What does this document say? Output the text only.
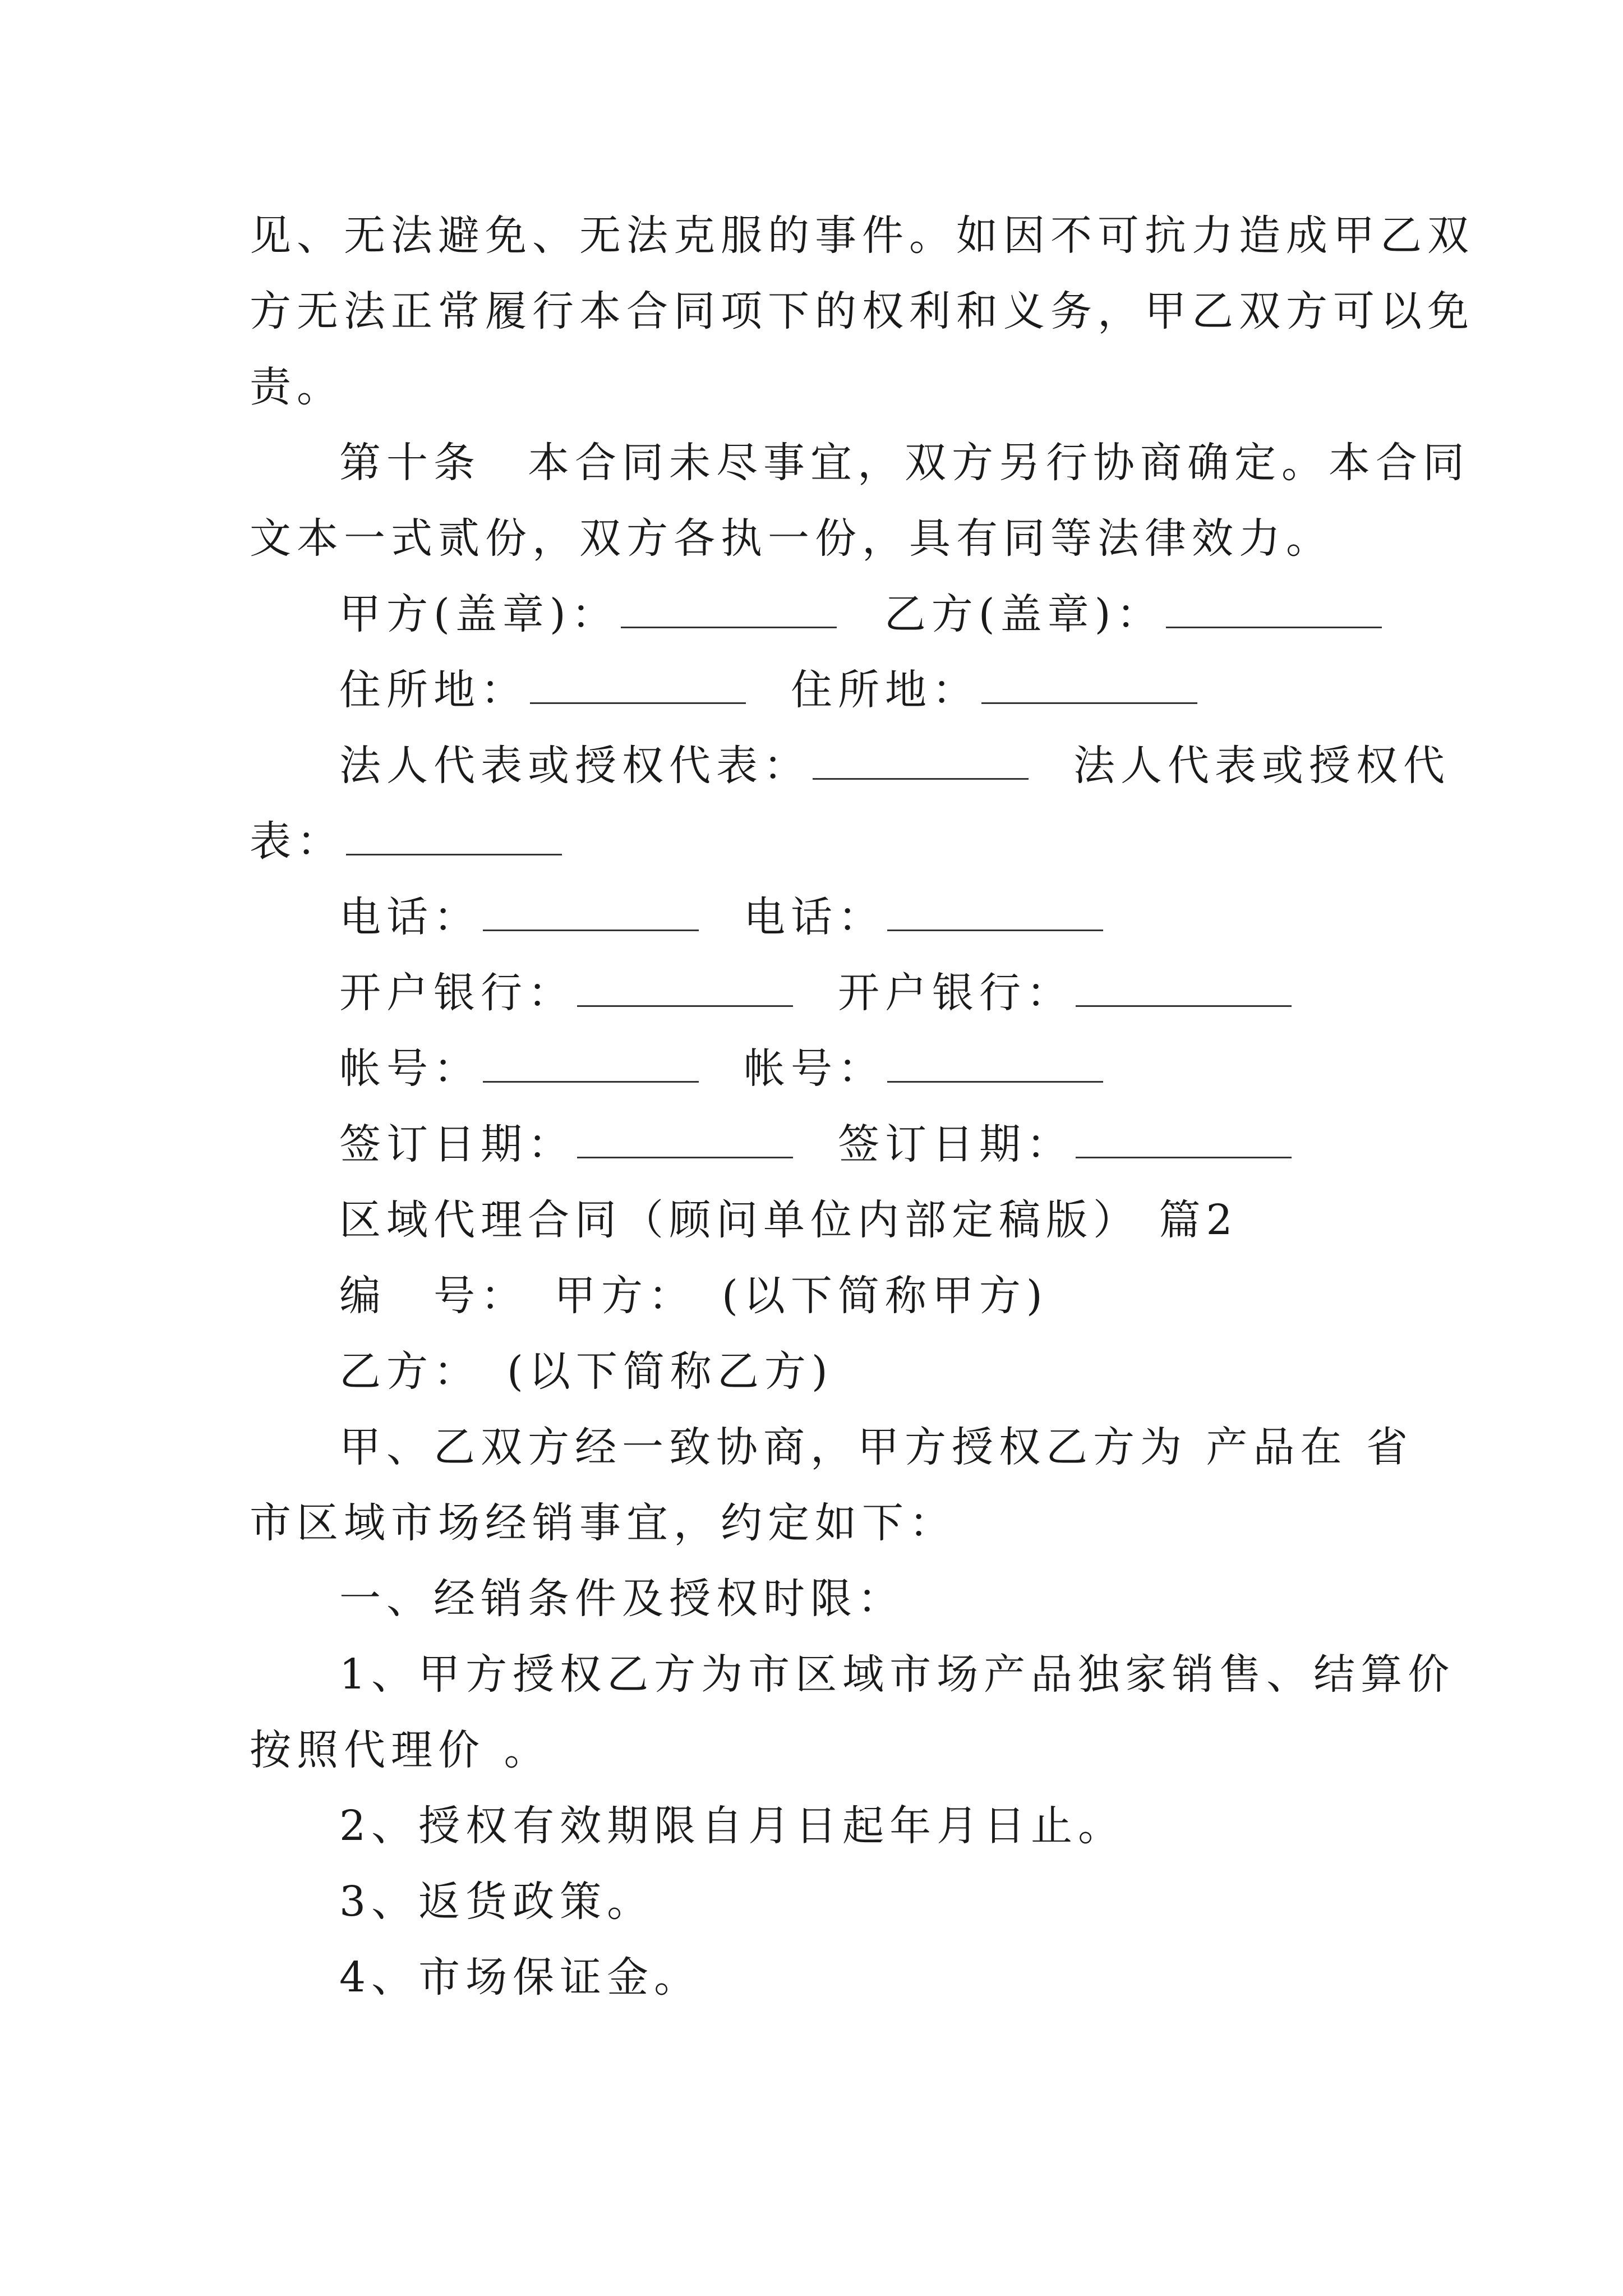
见、无法避免、无法克服的事件。如因不可抗力造成甲乙双
方无法正常履行本合同项下的权利和义务，甲乙双方可以免
责。
第十条　本合同未尽事宜，双方另行协商确定。本合同
文本一式贰份，双方各执一份，具有同等法律效力。
甲方(盖章)：	乙方(盖章)：
住所地：	住所地：
法人代表或授权代表：	法人代表或授权代
表：
电话：	电话：
开户银行：	开户银行：
帐号：	帐号：
签订日期：	签订日期：
区域代理合同（顾问单位内部定稿版） 篇2
编　号：　甲方：　(以下简称甲方)
乙方：　(以下简称乙方)
甲、乙双方经一致协商，甲方授权乙方为 产品在 省
市区域市场经销事宜，约定如下：
一、经销条件及授权时限：
1、甲方授权乙方为市区域市场产品独家销售、结算价
按照代理价 。
2、授权有效期限自月日起年月日止。
3、返货政策。
4、市场保证金。
